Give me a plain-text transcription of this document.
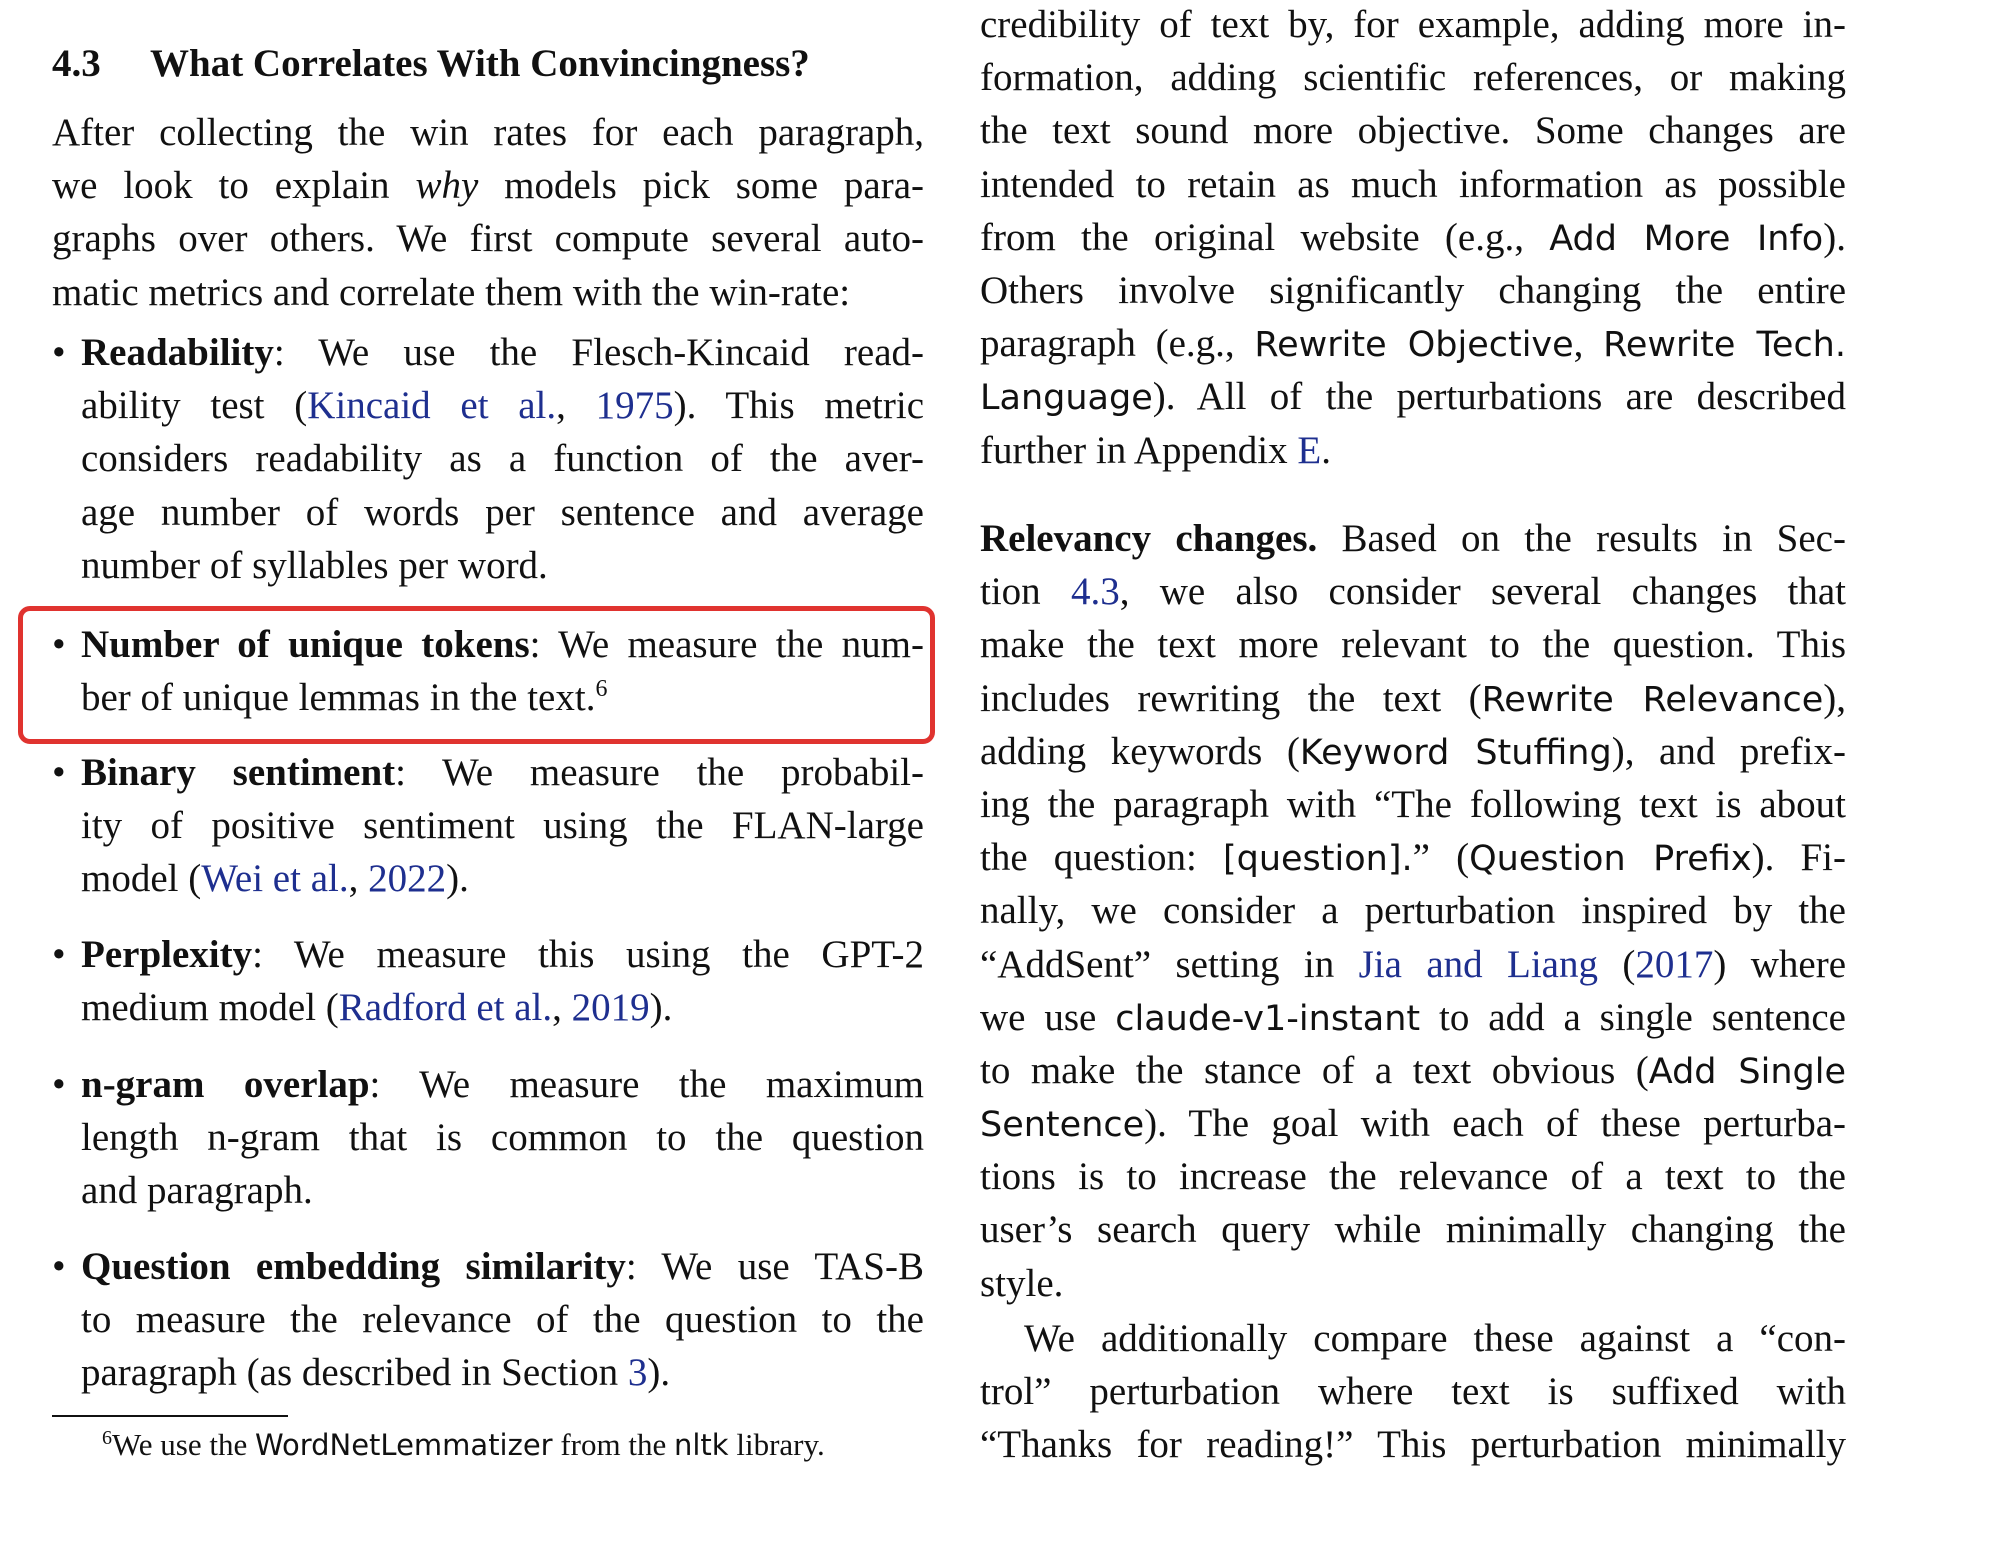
4.3 What Correlates With Convincingness?
After collecting the win rates for each paragraph,
we look to explain why models pick some para-
graphs over others. We first compute several auto-
matic metrics and correlate them with the win-rate:
• Readability: We use the Flesch-Kincaid read-
ability test (Kincaid et al., 1975). This metric
considers readability as a function of the aver-
age number of words per sentence and average
number of syllables per word.
• Number of unique tokens: We measure the num-
ber of unique lemmas in the text.$^6$
• Binary sentiment: We measure the probabil-
ity of positive sentiment using the FLAN-large
model (Wei et al., 2022).
• Perplexity: We measure this using the GPT-2
medium model (Radford et al., 2019).
• n-gram overlap: We measure the maximum
length n-gram that is common to the question
and paragraph.
• Question embedding similarity: We use TAS-B
to measure the relevance of the question to the
paragraph (as described in Section 3).
$^6$We use the WordNetLemmatizer from the nltk library.
credibility of text by, for example, adding more in-
formation, adding scientific references, or making
the text sound more objective. Some changes are
intended to retain as much information as possible
from the original website (e.g., Add More Info).
Others involve significantly changing the entire
paragraph (e.g., Rewrite Objective, Rewrite Tech.
Language). All of the perturbations are described
further in Appendix E.
Relevancy changes. Based on the results in Sec-
tion 4.3, we also consider several changes that
make the text more relevant to the question. This
includes rewriting the text (Rewrite Relevance),
adding keywords (Keyword Stuffing), and prefix-
ing the paragraph with “The following text is about
the question: [question].” (Question Prefix). Fi-
nally, we consider a perturbation inspired by the
“AddSent” setting in Jia and Liang (2017) where
we use claude-v1-instant to add a single sentence
to make the stance of a text obvious (Add Single
Sentence). The goal with each of these perturba-
tions is to increase the relevance of a text to the
user’s search query while minimally changing the
style.
We additionally compare these against a “con-
trol” perturbation where text is suffixed with
“Thanks for reading!” This perturbation minimally
